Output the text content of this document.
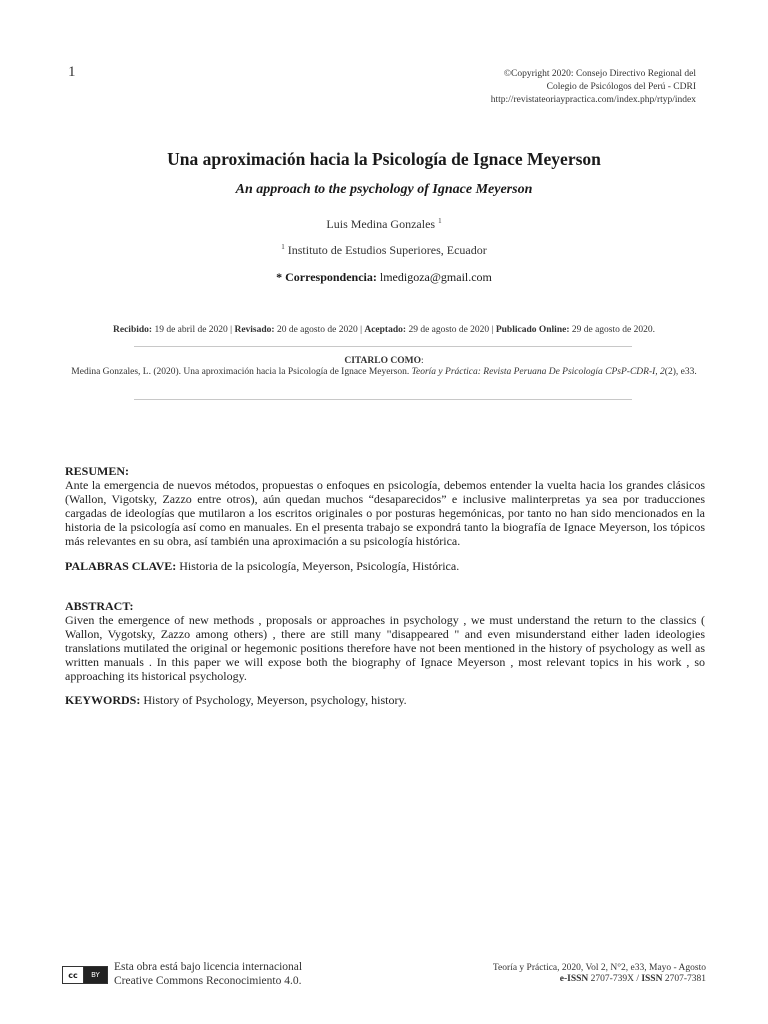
1	©Copyright 2020: Consejo Directivo Regional del
Colegio de Psicólogos del Perú - CDRI
http://revistateoriaypractica.com/index.php/rtyp/index
Una aproximación hacia la Psicología de Ignace Meyerson
An approach to the psychology of Ignace Meyerson
Luis Medina Gonzales $^1$
$^1$ Instituto de Estudios Superiores, Ecuador
* Correspondencia: lmedigoza@gmail.com
Recibido: 19 de abril de 2020 | Revisado: 20 de agosto de 2020 | Aceptado: 29 de agosto de 2020 | Publicado Online: 29 de agosto de 2020.
CITARLO COMO:
Medina Gonzales, L. (2020). Una aproximación hacia la Psicología de Ignace Meyerson. Teoría y Práctica: Revista Peruana De Psicología CPsP-CDR-I, 2(2), e33.
RESUMEN:
Ante la emergencia de nuevos métodos, propuestas o enfoques en psicología, debemos entender la vuelta hacia los grandes clásicos (Wallon, Vigotsky, Zazzo entre otros), aún quedan muchos “desaparecidos” e inclusive malinterpretas ya sea por traducciones cargadas de ideologías que mutilaron a los escritos originales o por posturas hegemónicas, por tanto no han sido mencionados en la historia de la psicología así como en manuales. En el presenta trabajo se expondrá tanto la biografía de Ignace Meyerson, los tópicos más relevantes en su obra, así también una aproximación a su psicología histórica.
PALABRAS CLAVE: Historia de la psicología, Meyerson, Psicología, Histórica.
ABSTRACT:
Given the emergence of new methods , proposals or approaches in psychology , we must understand the return to the classics ( Wallon, Vygotsky, Zazzo among others) , there are still many "disappeared " and even misunderstand either laden ideologies translations mutilated the original or hegemonic positions therefore have not been mentioned in the history of psychology as well as written manuals . In this paper we will expose both the biography of Ignace Meyerson , most relevant topics in his work , so approaching its historical psychology.
KEYWORDS: History of Psychology, Meyerson, psychology, history.
cc	BY
Esta obra está bajo licencia internacional
Creative Commons Reconocimiento 4.0.
Teoría y Práctica, 2020, Vol 2, N°2, e33, Mayo - Agosto
e-ISSN 2707-739X / ISSN 2707-7381
